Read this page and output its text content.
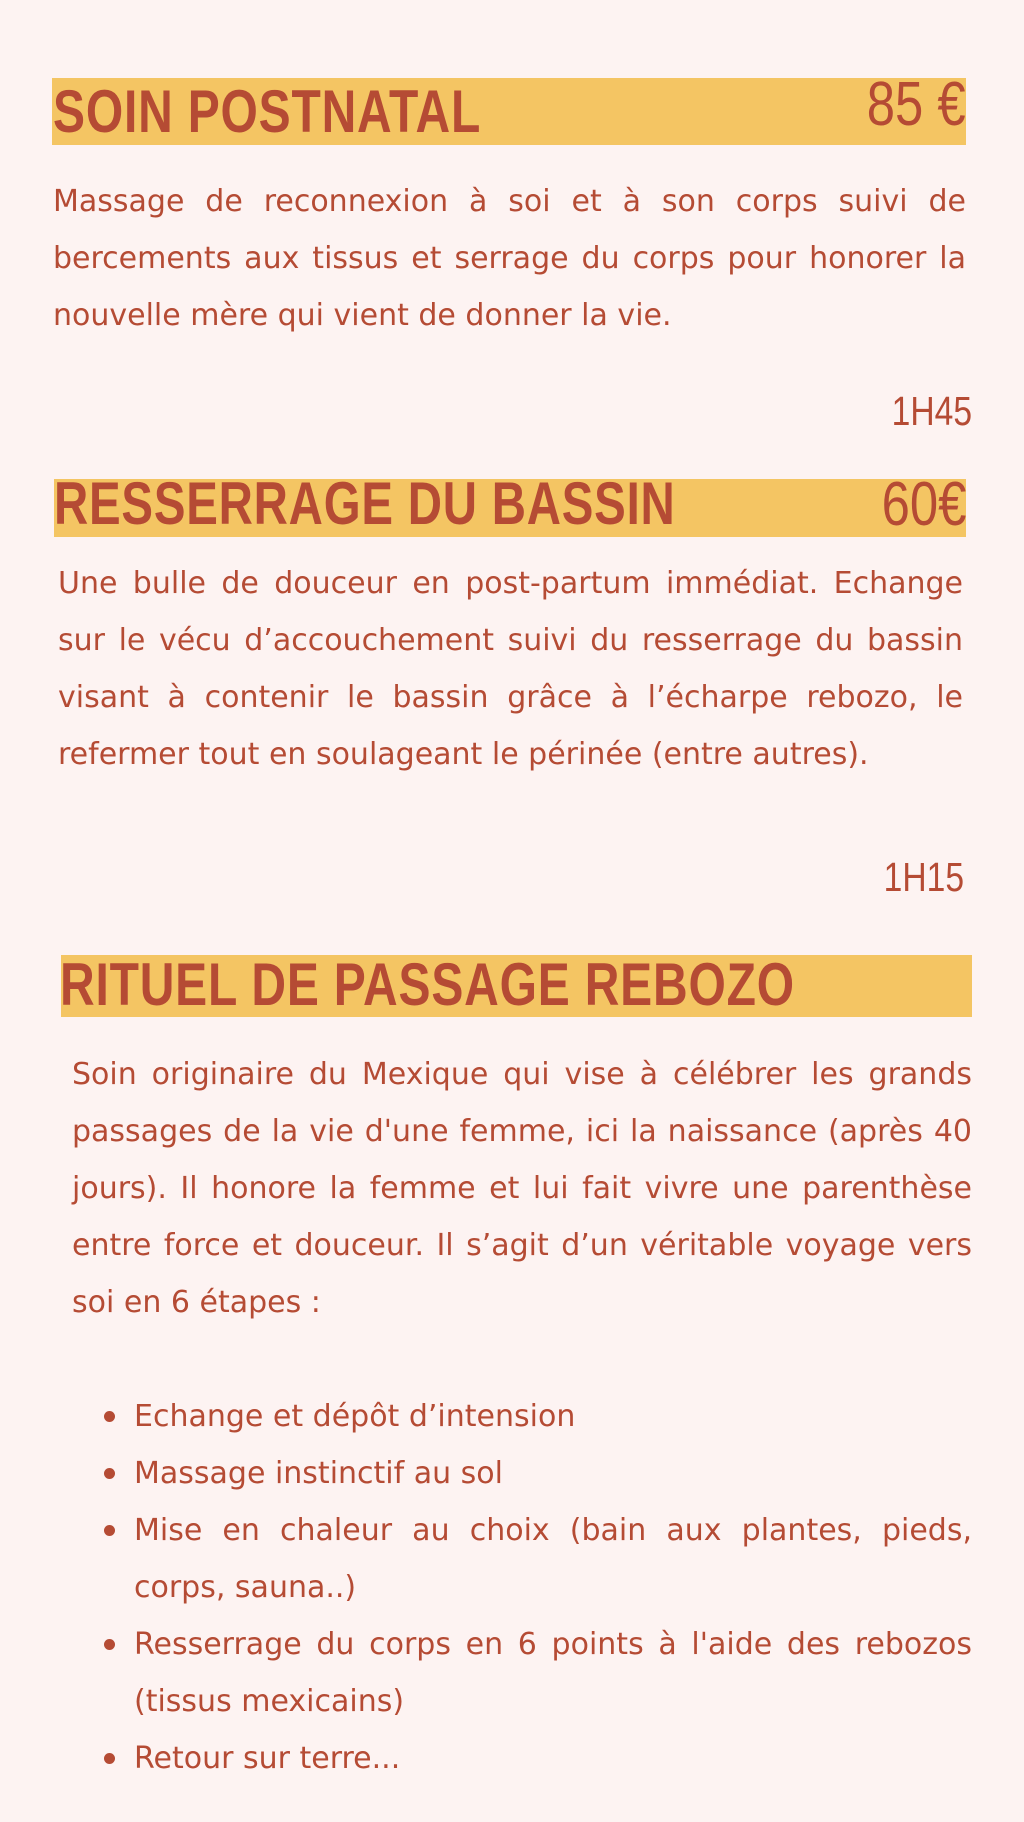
SOIN POSTNATAL	85 €

Massage de reconnexion à soi et à son corps suivi de bercements aux tissus et serrage du corps pour honorer la nouvelle mère qui vient de donner la vie.

1H45
RESSERRAGE DU BASSIN	60€

Une bulle de douceur en post-partum immédiat. Echange sur le vécu d’accouchement suivi du resserrage du bassin visant à contenir le bassin grâce à l’écharpe rebozo, le refermer tout en soulageant le périnée (entre autres).

1H15
RITUEL DE PASSAGE REBOZO

Soin originaire du Mexique qui vise à célébrer les grands passages de la vie d'une femme, ici la naissance (après 40 jours). Il honore la femme et lui fait vivre une parenthèse entre force et douceur. Il s’agit d’un véritable voyage vers soi en 6 étapes :

Echange et dépôt d’intension
Massage instinctif au sol
Mise en chaleur au choix (bain aux plantes, pieds, corps, sauna..)
Resserrage du corps en 6 points à l'aide des rebozos (tissus mexicains)
Retour sur terre...
